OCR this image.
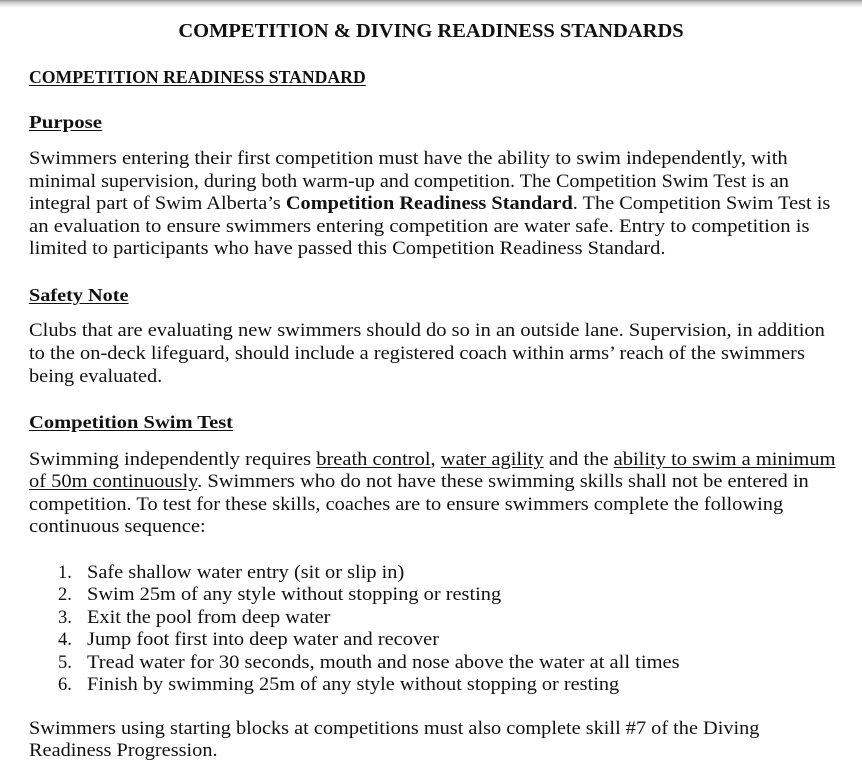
COMPETITION & DIVING READINESS STANDARDS
COMPETITION READINESS STANDARD
Purpose
Swimmers entering their first competition must have the ability to swim independently, with
minimal supervision, during both warm-up and competition. The Competition Swim Test is an
integral part of Swim Alberta’s Competition Readiness Standard. The Competition Swim Test is
an evaluation to ensure swimmers entering competition are water safe. Entry to competition is
limited to participants who have passed this Competition Readiness Standard.
Safety Note
Clubs that are evaluating new swimmers should do so in an outside lane. Supervision, in addition
to the on-deck lifeguard, should include a registered coach within arms’ reach of the swimmers
being evaluated.
Competition Swim Test
Swimming independently requires breath control, water agility and the ability to swim a minimum
of 50m continuously. Swimmers who do not have these swimming skills shall not be entered in
competition. To test for these skills, coaches are to ensure swimmers complete the following
continuous sequence:
1. Safe shallow water entry (sit or slip in)
2. Swim 25m of any style without stopping or resting
3. Exit the pool from deep water
4. Jump foot first into deep water and recover
5. Tread water for 30 seconds, mouth and nose above the water at all times
6. Finish by swimming 25m of any style without stopping or resting
Swimmers using starting blocks at competitions must also complete skill #7 of the Diving
Readiness Progression.
